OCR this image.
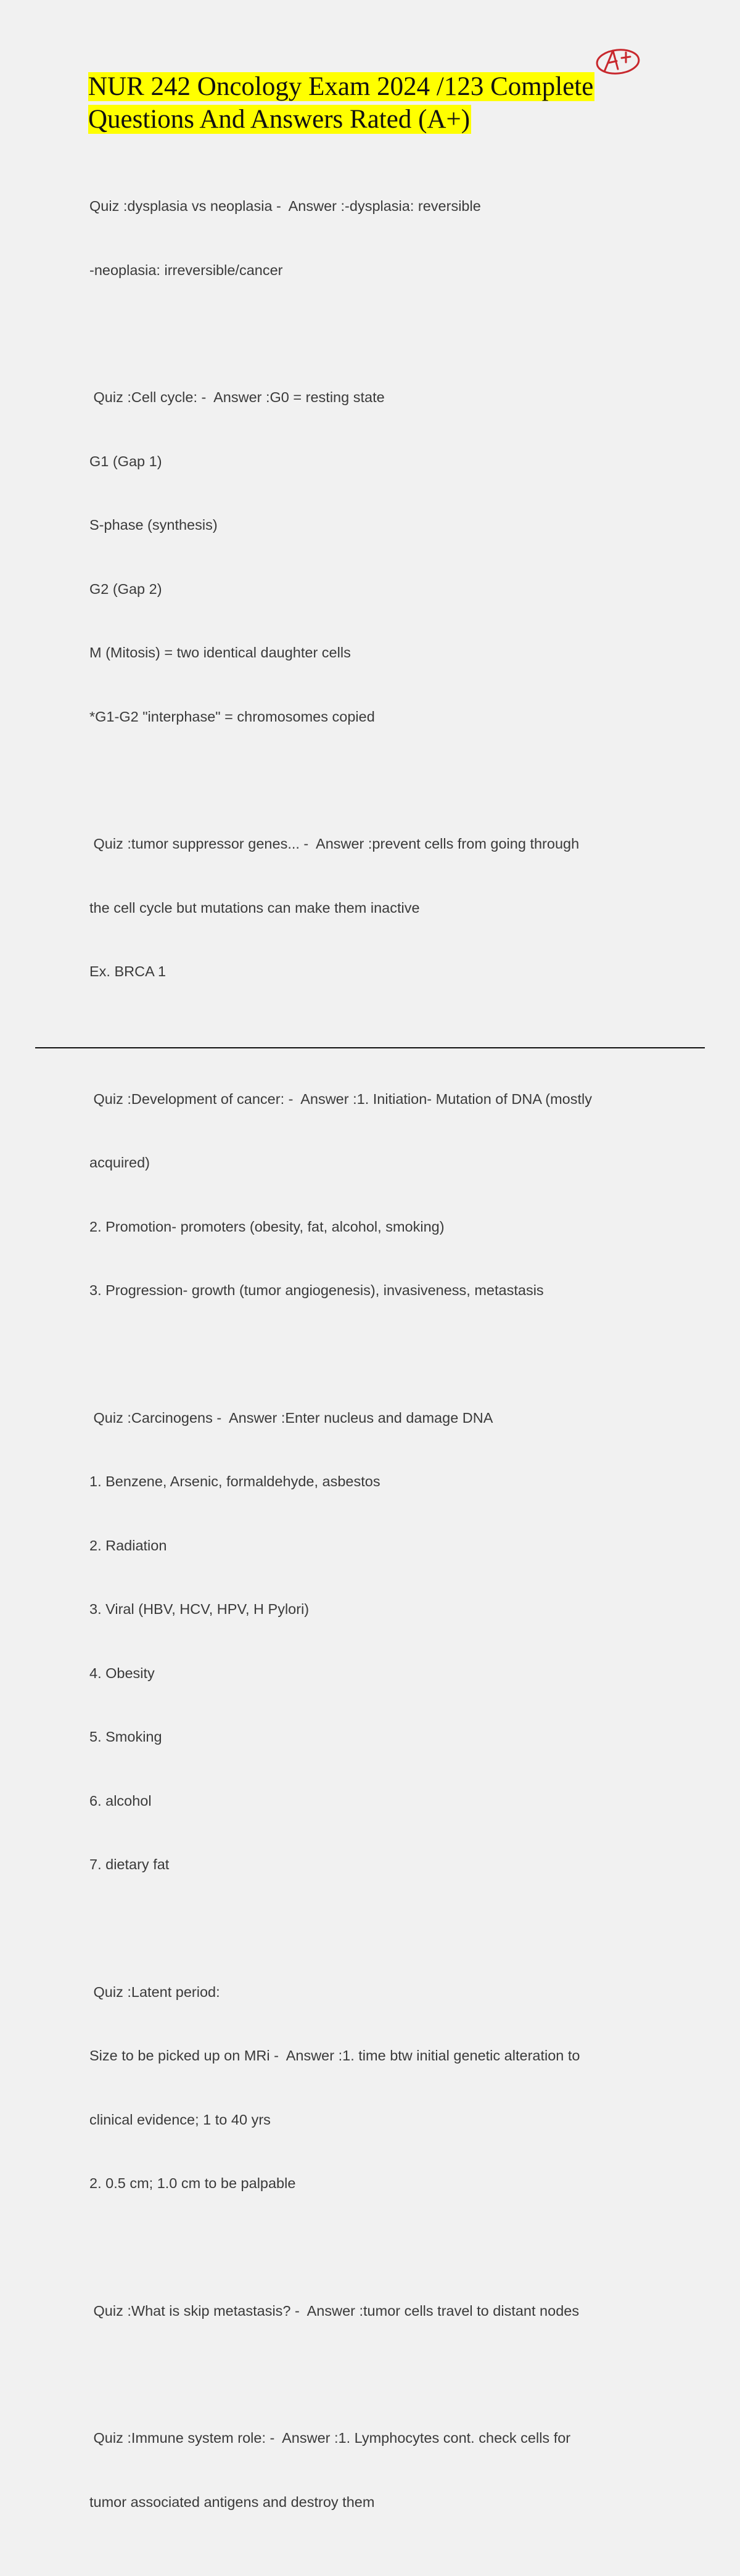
NUR 242 Oncology Exam 2024 /123 Complete
Questions And Answers Rated (A+)

Quiz :dysplasia vs neoplasia -  Answer :-dysplasia: reversible

-neoplasia: irreversible/cancer

Quiz :Cell cycle: -  Answer :G0 = resting state

G1 (Gap 1)

S-phase (synthesis)

G2 (Gap 2)

M (Mitosis) = two identical daughter cells

*G1-G2 "interphase" = chromosomes copied

Quiz :tumor suppressor genes... -  Answer :prevent cells from going through

the cell cycle but mutations can make them inactive

Ex. BRCA 1

Quiz :Development of cancer: -  Answer :1. Initiation- Mutation of DNA (mostly

acquired)

2. Promotion- promoters (obesity, fat, alcohol, smoking)

3. Progression- growth (tumor angiogenesis), invasiveness, metastasis

Quiz :Carcinogens -  Answer :Enter nucleus and damage DNA

1. Benzene, Arsenic, formaldehyde, asbestos

2. Radiation

3. Viral (HBV, HCV, HPV, H Pylori)

4. Obesity

5. Smoking

6. alcohol

7. dietary fat

Quiz :Latent period:

Size to be picked up on MRi -  Answer :1. time btw initial genetic alteration to

clinical evidence; 1 to 40 yrs

2. 0.5 cm; 1.0 cm to be palpable

Quiz :What is skip metastasis? -  Answer :tumor cells travel to distant nodes

Quiz :Immune system role: -  Answer :1. Lymphocytes cont. check cells for

tumor associated antigens and destroy them
